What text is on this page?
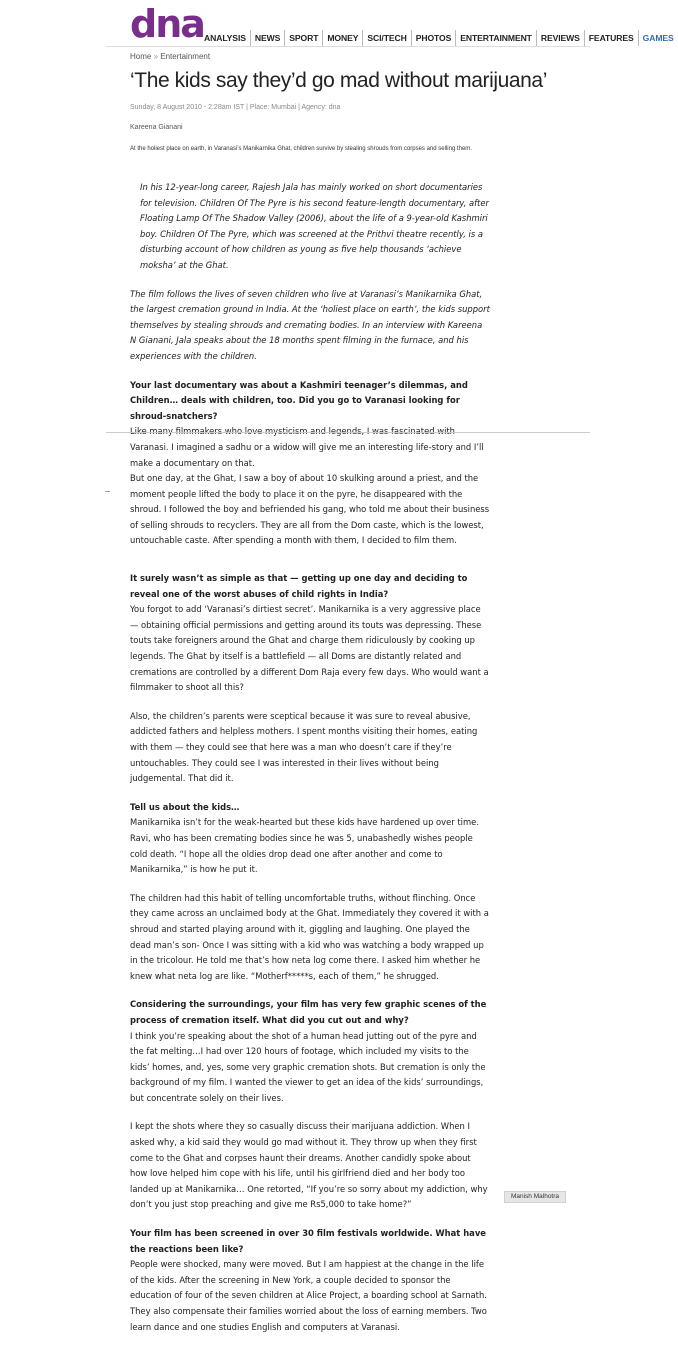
dna ANALYSIS	NEWS	SPORT	MONEY	SCI/TECH	PHOTOS	ENTERTAINMENT	REVIEWS	FEATURES	GAMES
Home » Entertainment
‘The kids say they’d go mad without marijuana’
Sunday, 8 August 2010 - 2:28am IST | Place: Mumbai | Agency: dna
Kareena Gianani
At the holiest place on earth, in Varanasi’s Manikarnika Ghat, children survive by stealing shrouds from corpses and selling them.

In his 12-year-long career, Rajesh Jala has mainly worked on short documentaries for television. Children Of The Pyre is his second feature-length documentary, after Floating Lamp Of The Shadow Valley (2006), about the life of a 9-year-old Kashmiri boy. Children Of The Pyre, which was screened at the Prithvi theatre recently, is a disturbing account of how children as young as five help thousands ‘achieve moksha’ at the Ghat.

The film follows the lives of seven children who live at Varanasi’s Manikarnika Ghat, the largest cremation ground in India. At the ‘holiest place on earth’, the kids support themselves by stealing shrouds and cremating bodies. In an interview with Kareena N Gianani, Jala speaks about the 18 months spent filming in the furnace, and his experiences with the children.

Your last documentary was about a Kashmiri teenager’s dilemmas, and Children… deals with children, too. Did you go to Varanasi looking for shroud-snatchers?
Varanasi. I imagined a sadhu or a widow will give me an interesting life-story and I’ll make a documentary on that.
But one day, at the Ghat, I saw a boy of about 10 skulking around a priest, and the moment people lifted the body to place it on the pyre, he disappeared with the shroud. I followed the boy and befriended his gang, who told me about their business of selling shrouds to recyclers. They are all from the Dom caste, which is the lowest, untouchable caste. After spending a month with them, I decided to film them.

It surely wasn’t as simple as that — getting up one day and deciding to reveal one of the worst abuses of child rights in India?
You forgot to add ‘Varanasi’s dirtiest secret’. Manikarnika is a very aggressive place — obtaining official permissions and getting around its touts was depressing. These touts take foreigners around the Ghat and charge them ridiculously by cooking up legends. The Ghat by itself is a battlefield — all Doms are distantly related and cremations are controlled by a different Dom Raja every few days. Who would want a filmmaker to shoot all this?

Also, the children’s parents were sceptical because it was sure to reveal abusive, addicted fathers and helpless mothers. I spent months visiting their homes, eating with them — they could see that here was a man who doesn’t care if they’re untouchables. They could see I was interested in their lives without being judgemental. That did it.

Tell us about the kids…
Manikarnika isn’t for the weak-hearted but these kids have hardened up over time. Ravi, who has been cremating bodies since he was 5, unabashedly wishes people cold death. “I hope all the oldies drop dead one after another and come to Manikarnika,” is how he put it.

The children had this habit of telling uncomfortable truths, without flinching. Once they came across an unclaimed body at the Ghat. Immediately they covered it with a shroud and started playing around with it, giggling and laughing. One played the dead man’s son- Once I was sitting with a kid who was watching a body wrapped up in the tricolour. He told me that’s how neta log come there. I asked him whether he knew what neta log are like. “Motherf*****s, each of them,” he shrugged.

Considering the surroundings, your film has very few graphic scenes of the process of cremation itself. What did you cut out and why?
I think you’re speaking about the shot of a human head jutting out of the pyre and the fat melting…I had over 120 hours of footage, which included my visits to the kids’ homes, and, yes, some very graphic cremation shots. But cremation is only the background of my film. I wanted the viewer to get an idea of the kids’ surroundings, but concentrate solely on their lives.

I kept the shots where they so casually discuss their marijuana addiction. When I asked why, a kid said they would go mad without it. They throw up when they first come to the Ghat and corpses haunt their dreams. Another candidly spoke about how love helped him cope with his life, until his girlfriend died and her body too landed up at Manikarnika… One retorted, “If you’re so sorry about my addiction, why don’t you just stop preaching and give me Rs5,000 to take home?”

Your film has been screened in over 30 film festivals worldwide. What have the reactions been like?
People were shocked, many were moved. But I am happiest at the change in the life of the kids. After the screening in New York, a couple decided to sponsor the education of four of the seven children at Alice Project, a boarding school at Sarnath. They also compensate their families worried about the loss of earning members. Two learn dance and one studies English and computers at Varanasi.

Manish Malhotra
